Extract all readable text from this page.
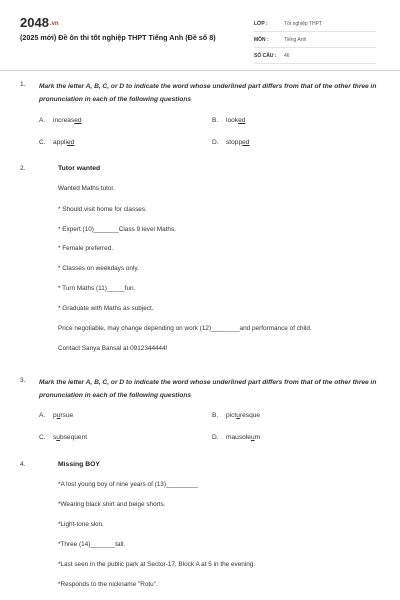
2048.vn
(2025 mới) Đề ôn thi tốt nghiệp THPT Tiếng Anh (Đề số 8)
LỚP :	Tốt nghiệp THPT
MÔN :	Tiếng Anh
SỐ CÂU :	46
1. Mark the letter A, B, C, or D to indicate the word whose underlined part differs from that of the other three in pronunciation in each of the following questions
A. increased	B. looked
C. applied	D. stopped
2.	Tutor wanted
Wanted Maths tutor.
* Should visit home for classes.
* Expert (10)_______Class 9 level Maths.
* Female preferred.
* Classes on weekdays only.
* Turn Maths (11)_____fun.
* Graduate with Maths as subject.
Price negotiable, may change depending on work (12)________and performance of child.
Contact Sanya Bansal at 0912344444!
3. Mark the letter A, B, C, or D to indicate the word whose underlined part differs from that of the other three in pronunciation in each of the following questions
A. pursue	B. picturesque
C. subsequent	D. mausoleum
4.	Missing BOY
*A lost young boy of nine years of (13)_________
*Wearing black shirt and beige shorts.
*Light-tone skin.
*Three (14)_______tall.
*Last seen in the public park at Sector-17, Block A at 5 in the evening.
*Responds to the nickname "Rotu".
